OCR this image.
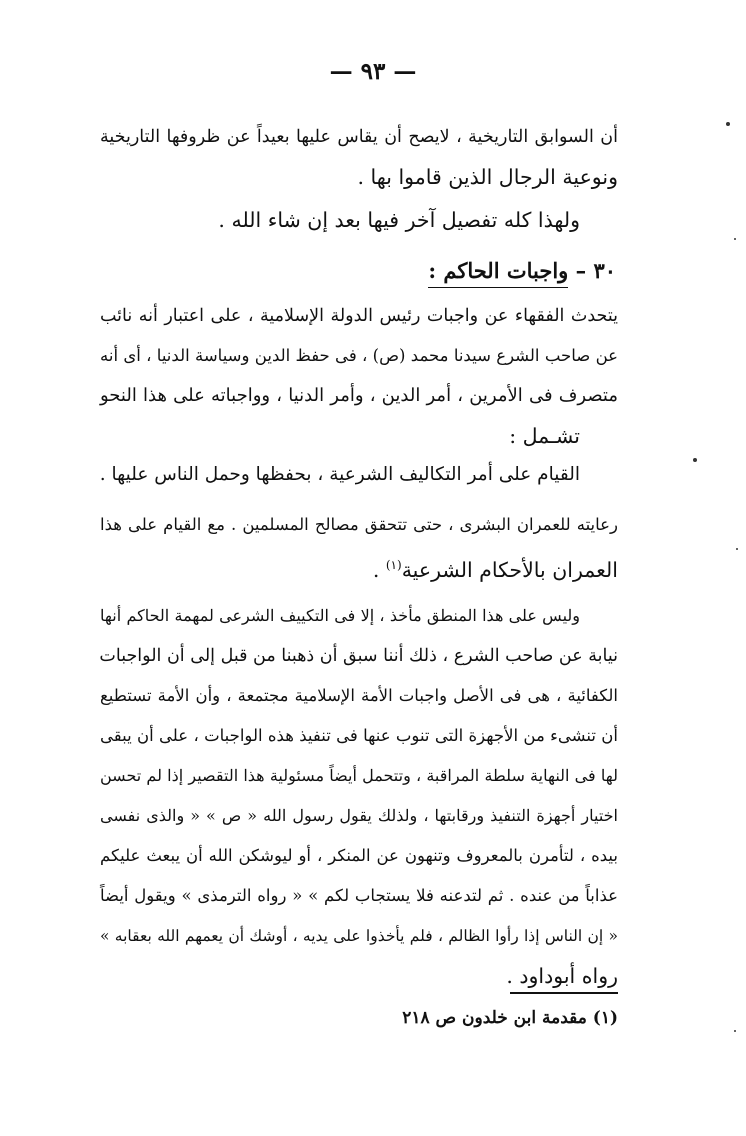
— ٩٣ —
أن السوابق التاريخية ، لايصح أن يقاس عليها بعيداً عن ظروفها التاريخية
ونوعية الرجال الذين قاموا بها .
ولهذا كله تفصيل آخر فيها بعد إن شاء الله .
٣٠ – واجبات الحاكم :
يتحدث الفقهاء عن واجبات رئيس الدولة الإسلامية ، على اعتبار أنه نائب
عن صاحب الشرع سيدنا محمد (ص) ، فى حفظ الدين وسياسة الدنيا ، أى أنه
متصرف فى الأمرين ، أمر الدين ، وأمر الدنيا ، وواجباته على هذا النحو
تشـمل :
القيام على أمر التكاليف الشرعية ، بحفظها وحمل الناس عليها .
رعايته للعمران البشرى ، حتى تتحقق مصالح المسلمين . مع القيام على هذا
العمران بالأحكام الشرعية$^{(١)}$ .
وليس على هذا المنطق مأخذ ، إلا فى التكييف الشرعى لمهمة الحاكم أنها
نيابة عن صاحب الشرع ، ذلك أننا سبق أن ذهبنا من قبل إلى أن الواجبات
الكفائية ، هى فى الأصل واجبات الأمة الإسلامية مجتمعة ، وأن الأمة تستطيع
أن تنشىء من الأجهزة التى تنوب عنها فى تنفيذ هذه الواجبات ، على أن يبقى
لها فى النهاية سلطة المراقبة ، وتتحمل أيضاً مسئولية هذا التقصير إذا لم تحسن
اختيار أجهزة التنفيذ ورقابتها ، ولذلك يقول رسول الله « ص » « والذى نفسى
بيده ، لتأمرن بالمعروف وتنهون عن المنكر ، أو ليوشكن الله أن يبعث عليكم
عذاباً من عنده . ثم لتدعنه فلا يستجاب لكم » « رواه الترمذى » ويقول أيضاً
« إن الناس إذا رأوا الظالم ، فلم يأخذوا على يديه ، أوشك أن يعمهم الله بعقابه »
رواه أبوداود .
(١) مقدمة ابن خلدون ص ٢١٨
